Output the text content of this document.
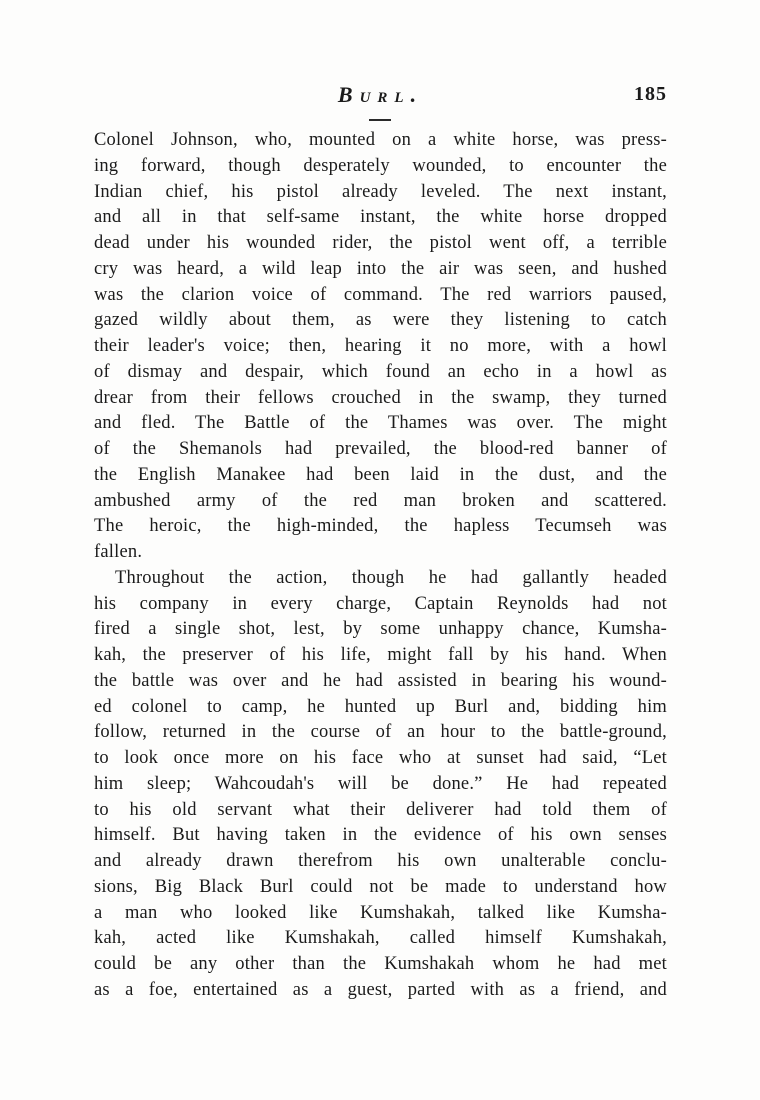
Burl.	185
Colonel Johnson, who, mounted on a white horse, was press-
ing forward, though desperately wounded, to encounter the
Indian chief, his pistol already leveled. The next instant,
and all in that self-same instant, the white horse dropped
dead under his wounded rider, the pistol went off, a terrible
cry was heard, a wild leap into the air was seen, and hushed
was the clarion voice of command. The red warriors paused,
gazed wildly about them, as were they listening to catch
their leader's voice; then, hearing it no more, with a howl
of dismay and despair, which found an echo in a howl as
drear from their fellows crouched in the swamp, they turned
and fled. The Battle of the Thames was over. The might
of the Shemanols had prevailed, the blood-red banner of
the English Manakee had been laid in the dust, and the
ambushed army of the red man broken and scattered.
The heroic, the high-minded, the hapless Tecumseh was
fallen.
Throughout the action, though he had gallantly headed
his company in every charge, Captain Reynolds had not
fired a single shot, lest, by some unhappy chance, Kumsha-
kah, the preserver of his life, might fall by his hand. When
the battle was over and he had assisted in bearing his wound-
ed colonel to camp, he hunted up Burl and, bidding him
follow, returned in the course of an hour to the battle-ground,
to look once more on his face who at sunset had said, “Let
him sleep; Wahcoudah's will be done.” He had repeated
to his old servant what their deliverer had told them of
himself. But having taken in the evidence of his own senses
and already drawn therefrom his own unalterable conclu-
sions, Big Black Burl could not be made to understand how
a man who looked like Kumshakah, talked like Kumsha-
kah, acted like Kumshakah, called himself Kumshakah,
could be any other than the Kumshakah whom he had met
as a foe, entertained as a guest, parted with as a friend, and
